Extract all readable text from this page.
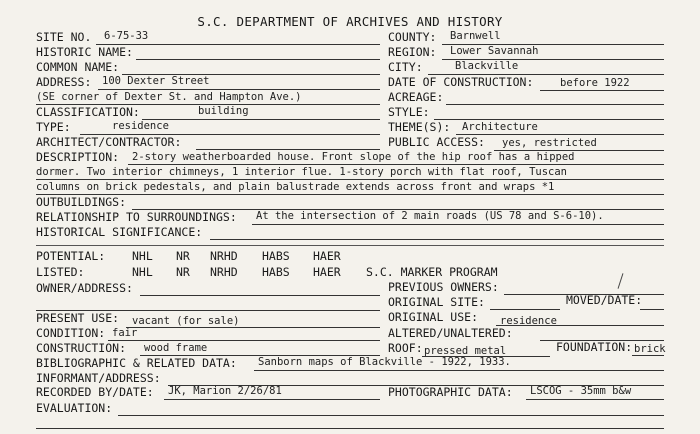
S.C. DEPARTMENT OF ARCHIVES AND HISTORY
SITE NO. 6-75-33	COUNTY: Barnwell
HISTORIC NAME:	REGION: Lower Savannah
COMMON NAME:	CITY:	Blackville
ADDRESS: 100 Dexter Street	DATE OF CONSTRUCTION:	before 1922
(SE corner of Dexter St. and Hampton Ave.)	ACREAGE:
CLASSIFICATION:	building	STYLE:
TYPE:	residence	THEME(S): Architecture
ARCHITECT/CONTRACTOR:	PUBLIC ACCESS: yes, restricted
DESCRIPTION: 2-story weatherboarded house. Front slope of the hip roof has a hipped
dormer. Two interior chimneys, 1 interior flue. 1-story porch with flat roof, Tuscan
columns on brick pedestals, and plain balustrade extends across front and wraps *1
OUTBUILDINGS:
RELATIONSHIP TO SURROUNDINGS: At the intersection of 2 main roads (US 78 and S-6-10).
HISTORICAL SIGNIFICANCE:
POTENTIAL: NHL NR NRHD HABS HAER
LISTED:	NHL NR NRHD HABS HAER S.C. MARKER PROGRAM
OWNER/ADDRESS:	PREVIOUS OWNERS:
ORIGINAL SITE:	MOVED/DATE:
PRESENT USE: vacant (for sale)	ORIGINAL USE: residence
CONDITION: fair	ALTERED/UNALTERED:
CONSTRUCTION: wood frame	ROOF: pressed metal	FOUNDATION: brick
BIBLIOGRAPHIC & RELATED DATA: Sanborn maps of Blackville - 1922, 1933.
INFORMANT/ADDRESS:
RECORDED BY/DATE: JK, Marion 2/26/81	PHOTOGRAPHIC DATA: LSCOG - 35mm b&w
EVALUATION:
